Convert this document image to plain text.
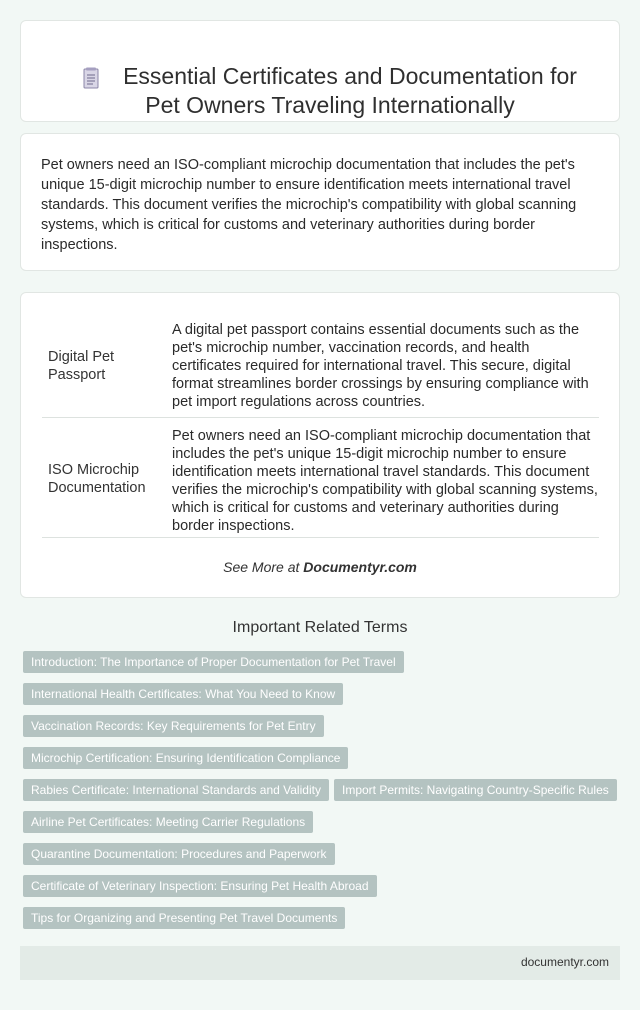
Essential Certificates and Documentation for
Pet Owners Traveling Internationally
Pet owners need an ISO-compliant microchip documentation that includes the pet's unique 15-digit microchip number to ensure identification meets international travel standards. This document verifies the microchip's compatibility with global scanning systems, which is critical for customs and veterinary authorities during border inspections.
Digital Pet Passport
A digital pet passport contains essential documents such as the pet's microchip number, vaccination records, and health certificates required for international travel. This secure, digital format streamlines border crossings by ensuring compliance with pet import regulations across countries.
ISO Microchip Documentation
Pet owners need an ISO-compliant microchip documentation that includes the pet's unique 15-digit microchip number to ensure identification meets international travel standards. This document verifies the microchip's compatibility with global scanning systems, which is critical for customs and veterinary authorities during border inspections.
See More at Documentyr.com
Important Related Terms
Introduction: The Importance of Proper Documentation for Pet Travel
International Health Certificates: What You Need to Know
Vaccination Records: Key Requirements for Pet Entry
Microchip Certification: Ensuring Identification Compliance
Rabies Certificate: International Standards and Validity	Import Permits: Navigating Country-Specific Rules
Airline Pet Certificates: Meeting Carrier Regulations
Quarantine Documentation: Procedures and Paperwork
Certificate of Veterinary Inspection: Ensuring Pet Health Abroad
Tips for Organizing and Presenting Pet Travel Documents
documentyr.com
